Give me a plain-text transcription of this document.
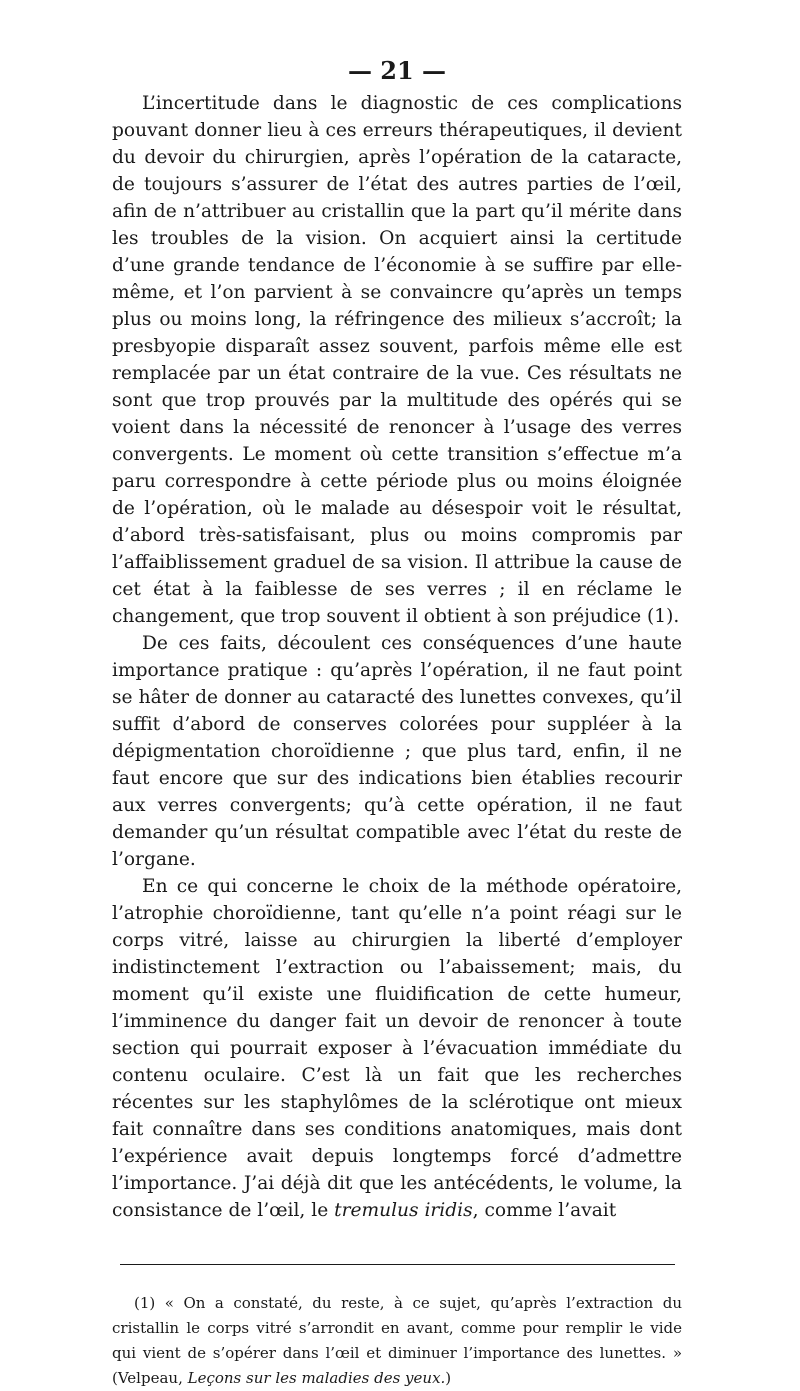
— 21 —

L’incertitude dans le diagnostic de ces complications pouvant donner lieu à ces erreurs thérapeutiques, il devient du devoir du chirurgien, après l’opération de la cataracte, de toujours s’assurer de l’état des autres parties de l’œil, afin de n’attribuer au cristallin que la part qu’il mérite dans les troubles de la vision. On acquiert ainsi la certitude d’une grande tendance de l’économie à se suffire par elle-même, et l’on parvient à se convaincre qu’après un temps plus ou moins long, la réfringence des milieux s’accroît; la presbyopie disparaît assez souvent, parfois même elle est remplacée par un état contraire de la vue. Ces résultats ne sont que trop prouvés par la multitude des opérés qui se voient dans la nécessité de renoncer à l’usage des verres convergents. Le moment où cette transition s’effectue m’a paru correspondre à cette période plus ou moins éloignée de l’opération, où le malade au désespoir voit le résultat, d’abord très-satisfaisant, plus ou moins compromis par l’affaiblissement graduel de sa vision. Il attribue la cause de cet état à la faiblesse de ses verres ; il en réclame le changement, que trop souvent il obtient à son préjudice (1).

De ces faits, découlent ces conséquences d’une haute importance pratique : qu’après l’opération, il ne faut point se hâter de donner au cataracté des lunettes convexes, qu’il suffit d’abord de conserves colorées pour suppléer à la dépigmentation choroïdienne ; que plus tard, enfin, il ne faut encore que sur des indications bien établies recourir aux verres convergents; qu’à cette opération, il ne faut demander qu’un résultat compatible avec l’état du reste de l’organe.

En ce qui concerne le choix de la méthode opératoire, l’atrophie choroïdienne, tant qu’elle n’a point réagi sur le corps vitré, laisse au chirurgien la liberté d’employer indistinctement l’extraction ou l’abaissement; mais, du moment qu’il existe une fluidification de cette humeur, l’imminence du danger fait un devoir de renoncer à toute section qui pourrait exposer à l’évacuation immédiate du contenu oculaire. C’est là un fait que les recherches récentes sur les staphylômes de la sclérotique ont mieux fait connaître dans ses conditions anatomiques, mais dont l’expérience avait depuis longtemps forcé d’admettre l’importance. J’ai déjà dit que les antécédents, le volume, la consistance de l’œil, le tremulus iridis, comme l’avait

(1) « On a constaté, du reste, à ce sujet, qu’après l’extraction du cristallin le corps vitré s’arrondit en avant, comme pour remplir le vide qui vient de s’opérer dans l’œil et diminuer l’importance des lunettes. » (Velpeau, Leçons sur les maladies des yeux.)
